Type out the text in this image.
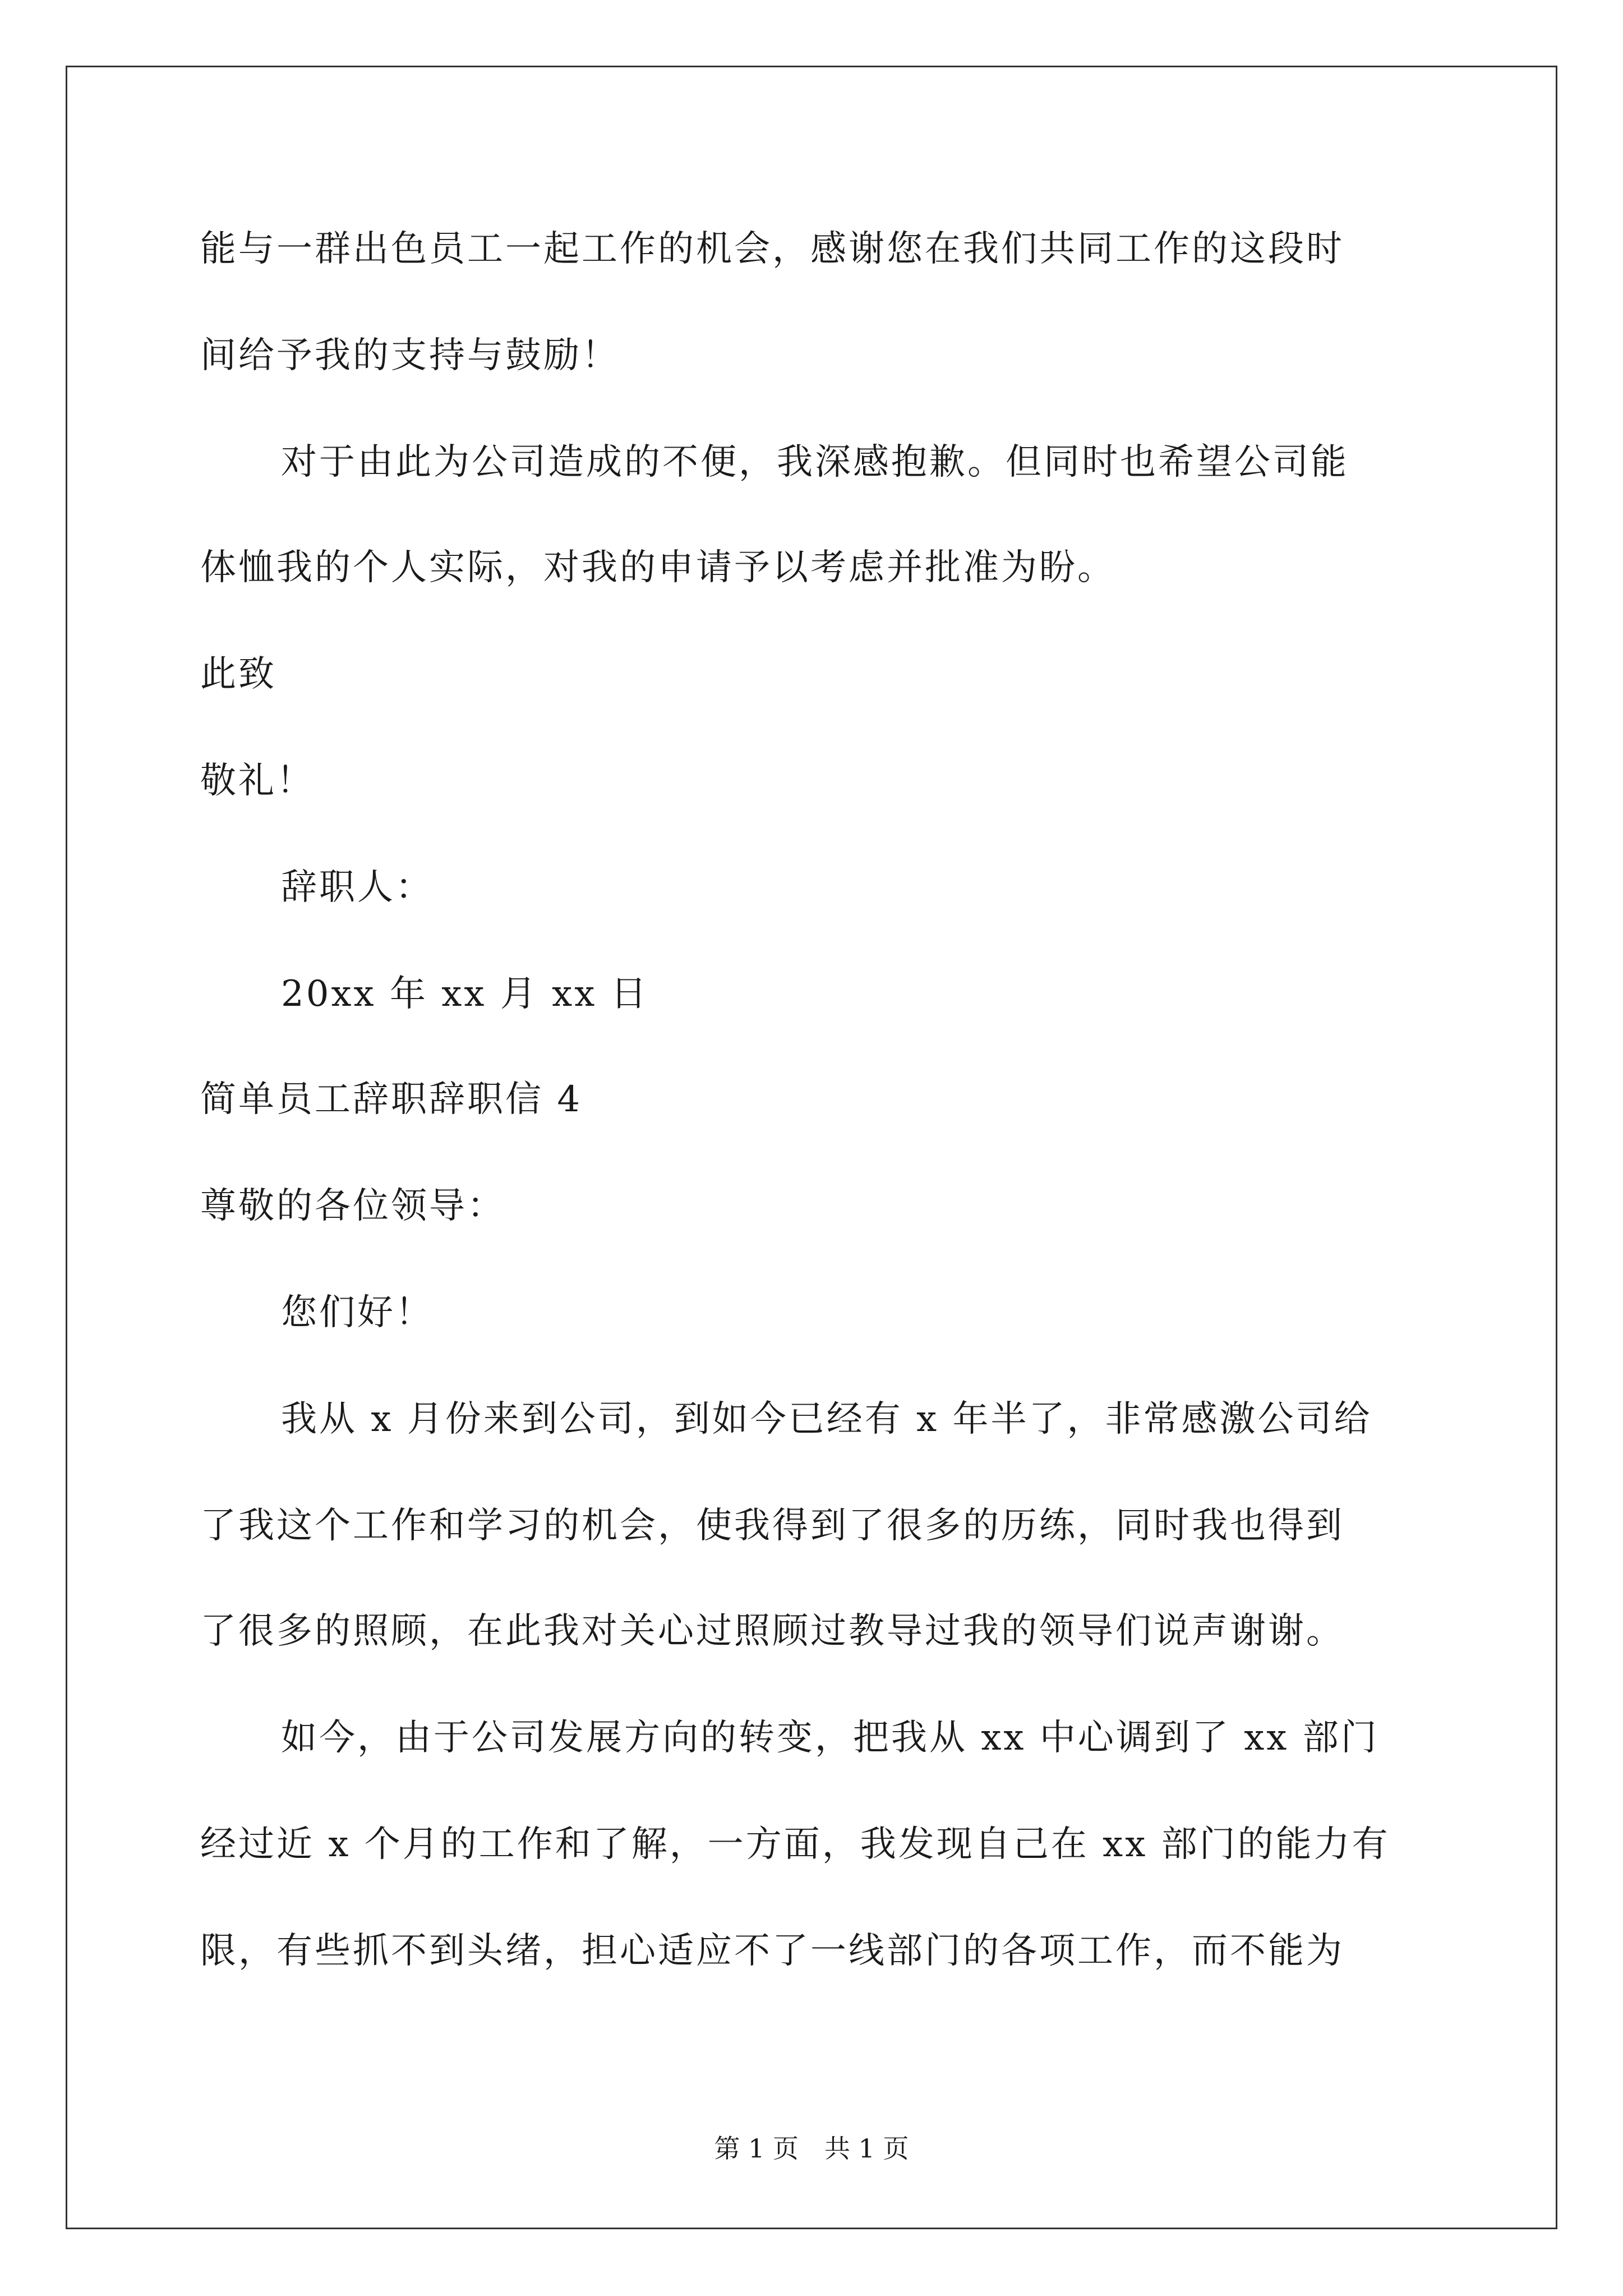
能与一群出色员工一起工作的机会，感谢您在我们共同工作的这段时
间给予我的支持与鼓励！
对于由此为公司造成的不便，我深感抱歉。但同时也希望公司能
体恤我的个人实际，对我的申请予以考虑并批准为盼。
此致
敬礼！
辞职人：
20xx 年 xx 月 xx 日
简单员工辞职辞职信 4
尊敬的各位领导：
您们好！
我从 x 月份来到公司，到如今已经有 x 年半了，非常感激公司给
了我这个工作和学习的机会，使我得到了很多的历练，同时我也得到
了很多的照顾，在此我对关心过照顾过教导过我的领导们说声谢谢。
如今，由于公司发展方向的转变，把我从 xx 中心调到了 xx 部门
经过近 x 个月的工作和了解，一方面，我发现自己在 xx 部门的能力有
限，有些抓不到头绪，担心适应不了一线部门的各项工作，而不能为
第 1 页　共 1 页
